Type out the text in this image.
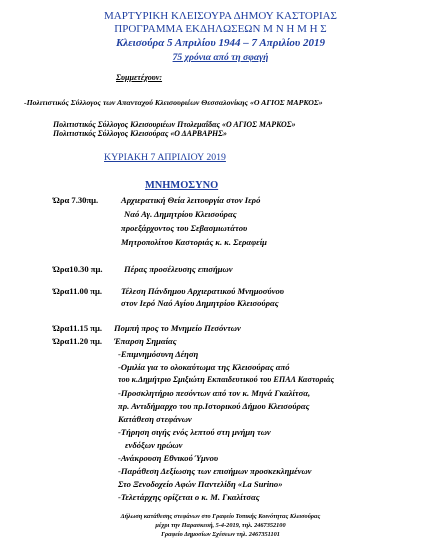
ΜΑΡΤΥΡΙΚΗ ΚΛΕΙΣΟΥΡΑ ΔΗΜΟΥ ΚΑΣΤΟΡΙΑΣ
ΠΡΟΓΡΑΜΜΑ ΕΚΔΗΛΩΣΕΩΝ Μ Ν Η Μ Η Σ
Κλεισούρα 5 Απριλίου 1944 – 7 Απριλίου 2019
75 χρόνια από τη σφαγή
Συμμετέχουν:
-Πολιτιστικός Σύλλογος των Απανταχού Κλεισουριέων Θεσσαλονίκης «Ο ΑΓΙΟΣ ΜΑΡΚΟΣ»
Πολιτιστικός Σύλλογος Κλεισουριέων Πτολεμαΐδας «Ο ΑΓΙΟΣ ΜΑΡΚΟΣ»
Πολιτιστικός Σύλλογος Κλεισούρας «Ο ΔΑΡΒΑΡΗΣ»
ΚΥΡΙΑΚΗ 7 ΑΠΡΙΛΙΟΥ 2019
ΜΝΗΜΟΣΥΝΟ
Ώρα 7.30πμ.	Αρχιερατική Θεία λειτουργία στον Ιερό
Ναό Αγ. Δημητρίου Κλεισούρας
προεξάρχοντος του Σεβασμιωτάτου
Μητροπολίτου Καστοριάς κ. κ. Σεραφείμ
Ώρα10.30 πμ.	Πέρας προσέλευσης επισήμων
Ώρα11.00 πμ. Τέλεση Πάνδημου Αρχιερατικού Μνημοσύνου
στον Ιερό Ναό Αγίου Δημητρίου Κλεισούρας
Ώρα11.15 πμ. Πομπή προς το Μνημείο Πεσόντων
Ώρα11.20 πμ. Έπαρση Σημαίας
-Επιμνημόσυνη Δέηση
-Ομιλία για το ολοκαύτωμα της Κλεισούρας από
του κ.Δημήτριο Σμιξιώτη Εκπαιδευτικού του ΕΠΑΛ Καστοριάς
-Προσκλητήριο πεσόντων από τον κ. Μηνά Γκαλίτσα,
πρ. Αντιδήμαρχο του πρ.Ιστορικού Δήμου Κλεισούρας
Κατάθεση στεφάνων
-Τήρηση σιγής ενός λεπτού στη μνήμη των
ενδόξων ηρώων
-Ανάκρουση Εθνικού Ύμνου
-Παράθεση Δεξίωσης των επισήμων προσκεκλημένων
Στο Ξενοδοχείο Αφών Παντελίδη «La Surino»
-Τελετάρχης ορίζεται ο κ. Μ. Γκαλίτσας
Δήλωση κατάθεσης στεφάνων στο Γραφείο Τοπικής Κοινότητας Κλεισούρας
μέχρι την Παρασκευή, 5-4-2019, τηλ. 2467352100
Γραφείο Δημοσίων Σχέσεων τηλ. 2467351101
